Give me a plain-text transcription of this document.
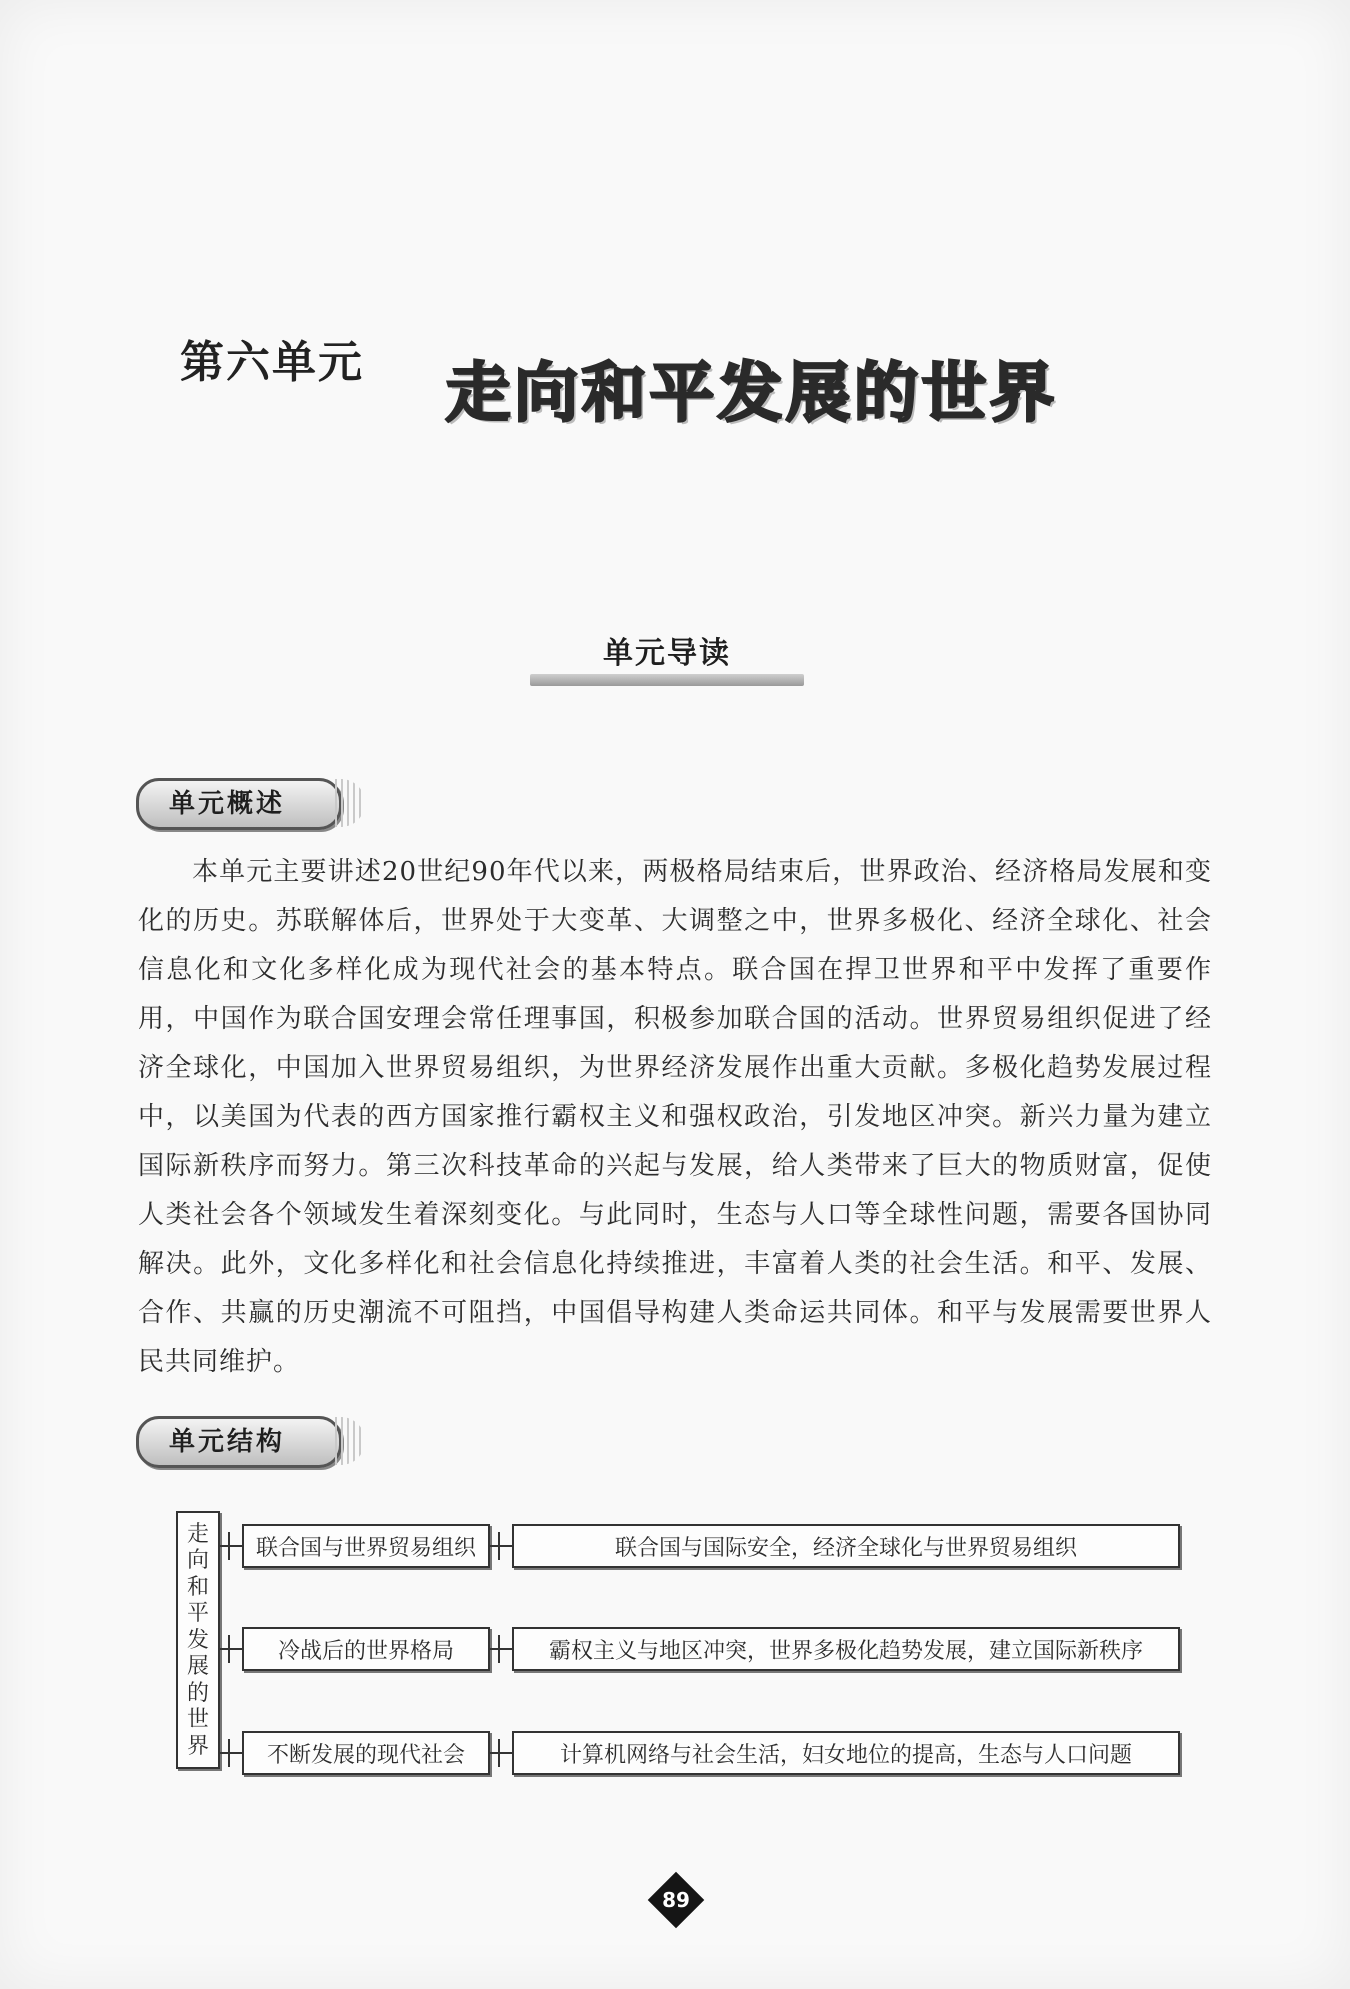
第六单元 走向和平发展的世界
单元导读
单元概述

本单元主要讲述20世纪90年代以来，两极格局结束后，世界政治、经济格局发展和变化的历史。苏联解体后，世界处于大变革、大调整之中，世界多极化、经济全球化、社会信息化和文化多样化成为现代社会的基本特点。联合国在捍卫世界和平中发挥了重要作用，中国作为联合国安理会常任理事国，积极参加联合国的活动。世界贸易组织促进了经济全球化，中国加入世界贸易组织，为世界经济发展作出重大贡献。多极化趋势发展过程中，以美国为代表的西方国家推行霸权主义和强权政治，引发地区冲突。新兴力量为建立国际新秩序而努力。第三次科技革命的兴起与发展，给人类带来了巨大的物质财富，促使人类社会各个领域发生着深刻变化。与此同时，生态与人口等全球性问题，需要各国协同解决。此外，文化多样化和社会信息化持续推进，丰富着人类的社会生活。和平、发展、合作、共赢的历史潮流不可阻挡，中国倡导构建人类命运共同体。和平与发展需要世界人民共同维护。

单元结构
走
向
和
平
发
展
的
世
界
联合国与世界贸易组织	联合国与国际安全，经济全球化与世界贸易组织
冷战后的世界格局	霸权主义与地区冲突，世界多极化趋势发展，建立国际新秩序
不断发展的现代社会	计算机网络与社会生活，妇女地位的提高，生态与人口问题
89
